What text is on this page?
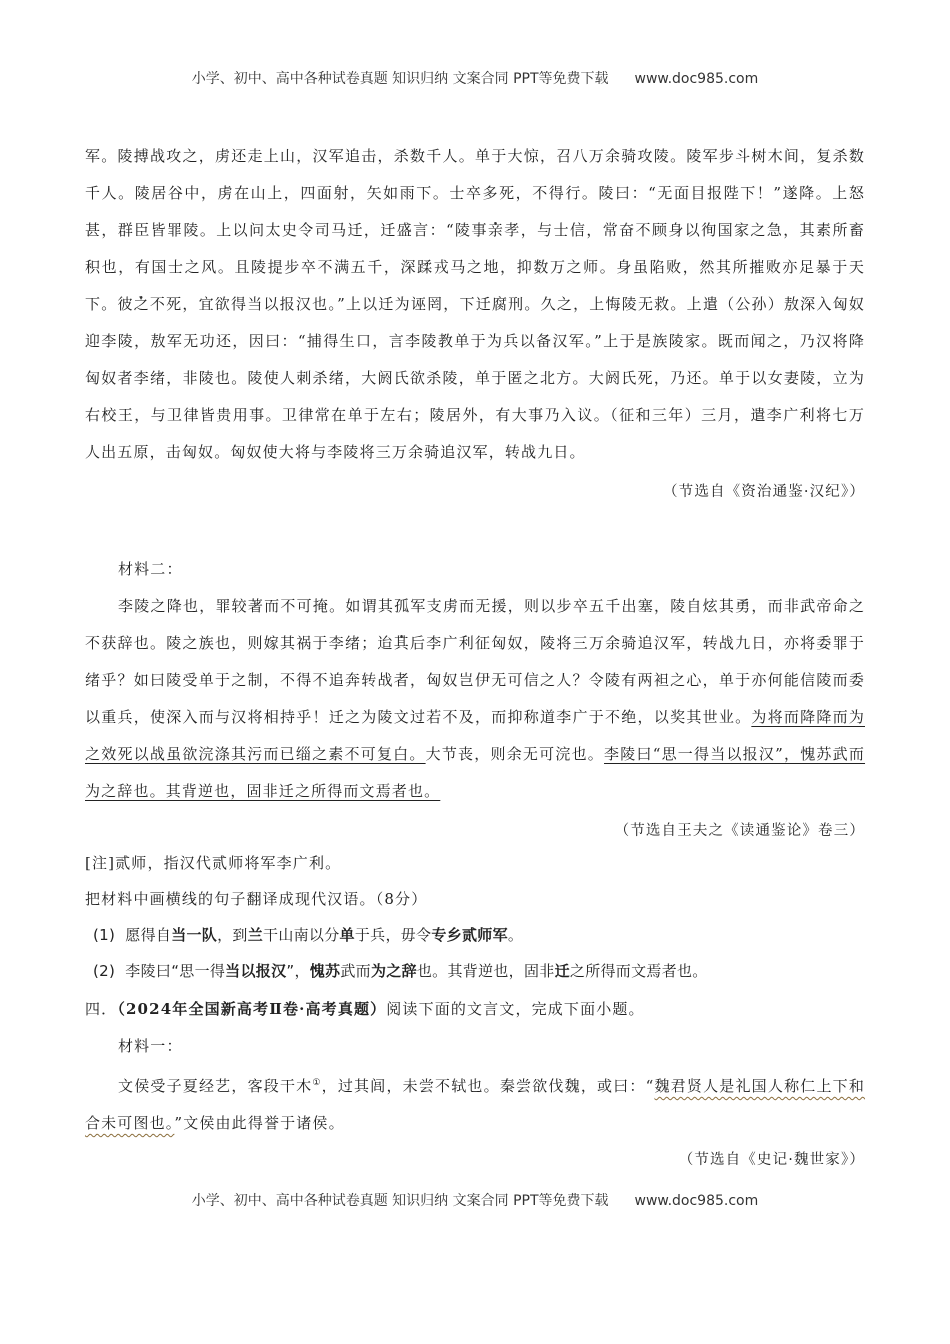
小学、初中、高中各种试卷真题 知识归纳 文案合同 PPT等免费下载 www.doc985.com

军。陵搏战攻之，虏还走上山，汉军追击，杀数千人。单于大惊，召八万余骑攻陵。陵军步斗树木间，复杀数千人。陵居谷中，虏在山上，四面射，矢如雨下。士卒多死，不得行。陵曰：“无面目报陛下！”遂降。上怒甚，群臣皆罪陵。上以问太史令司马迁，迁盛言：“陵事亲孝，与士信，常奋不顾身以徇国家之急，其素所畜积也，有国士之风。且陵提步卒不满五千，深蹂戎马之地，抑数万之师。身虽陷败，然其所摧败亦足暴于天下。彼之不死，宜欲得当以报汉也。”上以迁为诬罔，下迁腐刑。久之，上悔陵无救。上遣（公孙）敖深入匈奴迎李陵，敖军无功还，因曰：“捕得生口，言李陵教单于为兵以备汉军。”上于是族陵家。既而闻之，乃汉将降匈奴者李绪，非陵也。陵使人刺杀绪，大阏氏欲杀陵，单于匿之北方。大阏氏死，乃还。单于以女妻陵，立为右校王，与卫律皆贵用事。卫律常在单于左右；陵居外，有大事乃入议。（征和三年）三月，遣李广利将七万人出五原，击匈奴。匈奴使大将与李陵将三万余骑追汉军，转战九日。

（节选自《资治通鉴·汉纪》）

材料二：

李陵之降也，罪较著而不可掩。如谓其孤军支虏而无援，则以步卒五千出塞，陵自炫其勇，而非武帝命之不获辞也。陵之族也，则嫁其祸于李绪；迨其后李广利征匈奴，陵将三万余骑追汉军，转战九日，亦将委罪于绪乎？如曰陵受单于之制，不得不追奔转战者，匈奴岂伊无可信之人？令陵有两袒之心，单于亦何能信陵而委以重兵，使深入而与汉将相持乎！迁之为陵文过若不及，而抑称道李广于不绝，以奖其世业。为将而降降而为之效死以战虽欲浣涤其污而已缁之素不可复白。大节丧，则余无可浣也。李陵曰“思一得当以报汉”，愧苏武而为之辞也。其背逆也，固非迁之所得而文焉者也。

（节选自王夫之《读通鉴论》卷三）

[注]贰师，指汉代贰师将军李广利。

把材料中画横线的句子翻译成现代汉语。（8分）

(1) 愿得自当一队，到兰干山南以分单于兵，毋令专乡贰师军。

(2) 李陵曰“思一得当以报汉”，愧苏武而为之辞也。其背逆也，固非迁之所得而文焉者也。

四．（2024年全国新高考Ⅱ卷·高考真题）阅读下面的文言文，完成下面小题。

材料一：

文侯受子夏经艺，客段干木①，过其闾，未尝不轼也。秦尝欲伐魏，或曰：“魏君贤人是礼国人称仁上下和合未可图也。”文侯由此得誉于诸侯。

（节选自《史记·魏世家》）

小学、初中、高中各种试卷真题 知识归纳 文案合同 PPT等免费下载 www.doc985.com
